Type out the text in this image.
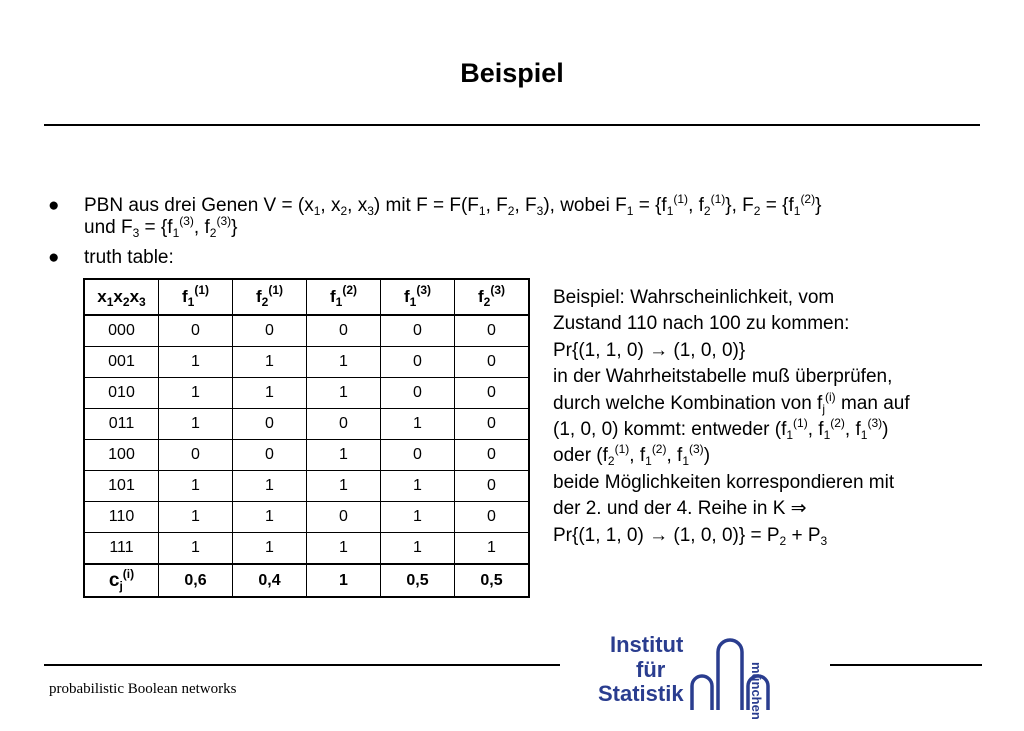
Beispiel
● PBN aus drei Genen $V = (x_1$, $x_2$, $x_3$) mit $F = F(F_1$, $F_2$, $F_3$), wobei $F_1 = \{f_1^{(1)}$, $f_2^{(1)}$}, $F_2 = \{f_1^{(2)}\}$
und $F_3 = \{f_1^{(3)}$, $f_2^{(3)}$}
● truth table:
$x_1x_2x_3$	$f_1^{(1)}$	$f_2^{(1)}$	$f_1^{(2)}$	$f_1^{(3)}$	$f_2^{(3)}$
000	0	0	0	0	0
001	1	1	1	0	0
010	1	1	1	0	0
011	1	0	0	1	0
100	0	0	1	0	0
101	1	1	1	1	0
110	1	1	0	1	0
111	1	1	1	1	1
$c_j^{(i)}$	0,6	0,4	1	0,5	0,5
Beispiel: Wahrscheinlichkeit, vom
Zustand 110 nach 100 zu kommen:
Pr{(1, 1, 0) → (1, 0, 0)}
in der Wahrheitstabelle muß überprüfen,
durch welche Kombination von $f_j^{(i)}$ man auf
(1, 0, 0) kommt: entweder ($f_1^{(1)}$, $f_1^{(2)}$, $f_1^{(3)}$)
oder ($f_2^{(1)}$, $f_1^{(2)}$, $f_1^{(3)}$)
beide Möglichkeiten korrespondieren mit
der 2. und der 4. Reihe in K ⇒
Pr{(1, 1, 0) → (1, 0, $0)\} = P_2 + P_3$
probabilistic Boolean networks
Institut
für
Statistik	münchen
